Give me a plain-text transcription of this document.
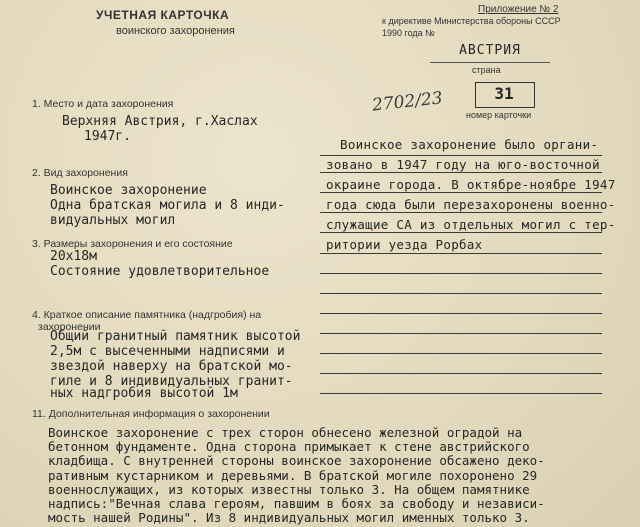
УЧЕТНАЯ КАРТОЧКА
воинского захоронения
Приложение № 2
к директиве Министерства обороны СССР
1990 года №
АВСТРИЯ
страна
2702/23	31
номер карточки
1. Место и дата захоронения
Верхняя Австрия, г.Хаслах
1947г.
2. Вид захоронения
Воинское захоронение
Одна братская могила и 8 инди-
видуальных могил
3. Размеры захоронения и его состояние
20x18м
Состояние удовлетворительное
4. Краткое описание памятника (надгробия) на
захоронении
Общий гранитный памятник высотой
2,5м с высеченными надписями и
звездой наверху на братской мо-
гиле и 8 индивидуальных гранит-
ных надгробия высотой 1м
Воинское захоронение было органи-
зовано в 1947 году на юго-восточной
окраине города. В октябре-ноябре 1947
года сюда были перезахоронены военно-
служащие СА из отдельных могил с тер-
ритории уезда Рорбах
11. Дополнительная информация о захоронении
Воинское захоронение с трех сторон обнесено железной оградой на
бетонном фундаменте. Одна сторона примыкает к стене австрийского
кладбища. С внутренней стороны воинское захоронение обсажено деко-
ративным кустарником и деревьями. В братской могиле похоронено 29
военнослужащих, из которых известны только 3. На общем памятнике
надпись:"Вечная слава героям, павшим в боях за свободу и независи-
мость нашей Родины". Из 8 индивидуальных могил именных только 3.
